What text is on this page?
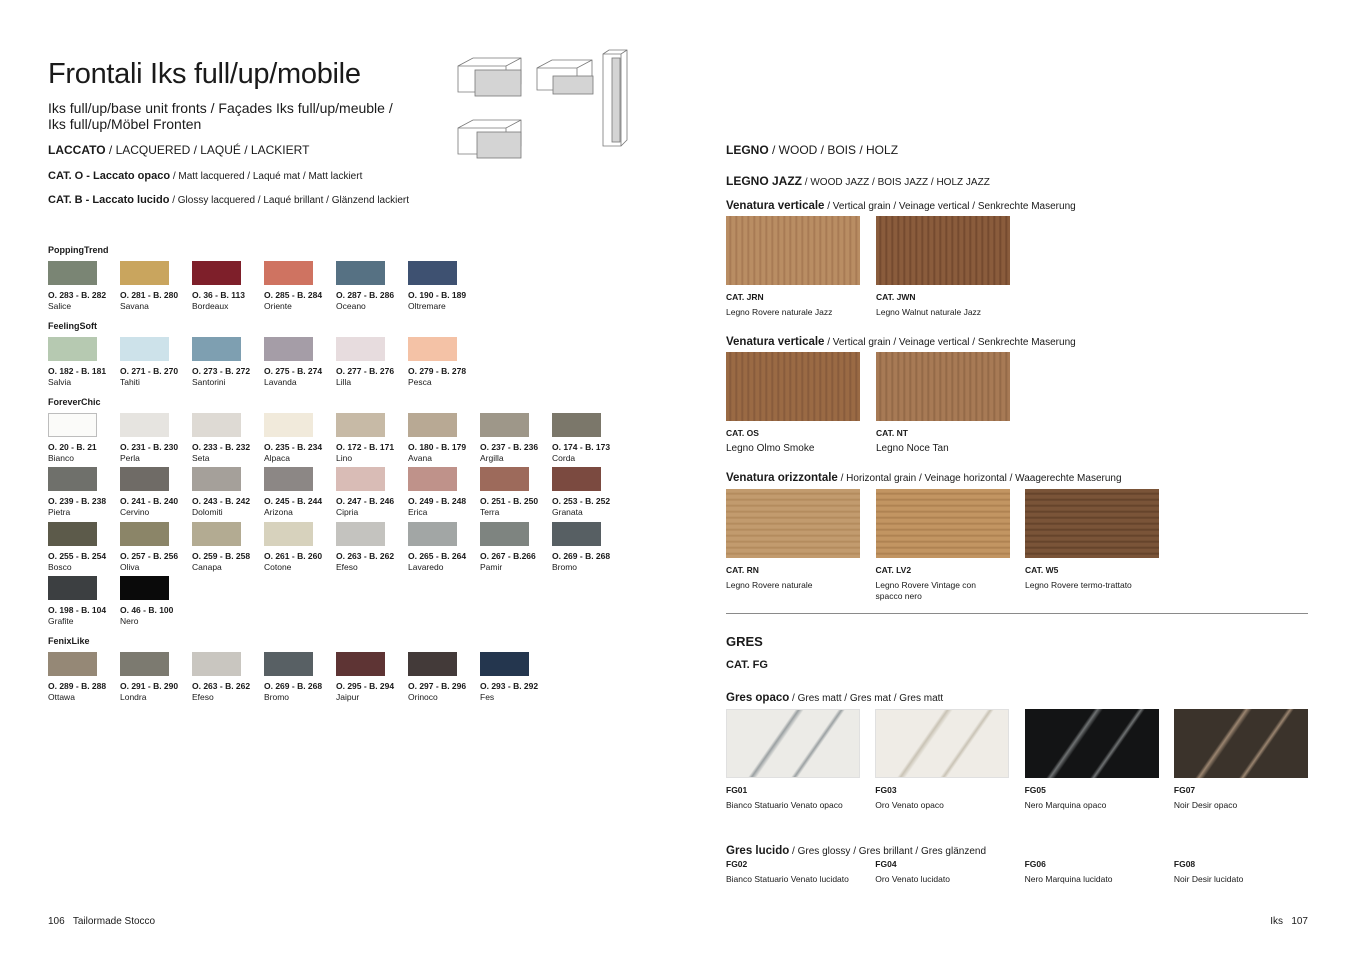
Frontali Iks full/up/mobile
Iks full/up/base unit fronts / Façades Iks full/up/meuble / Iks full/up/Möbel Fronten
LACCATO / LACQUERED / LAQUÉ / LACKIERT
CAT. O - Laccato opaco / Matt lacquered / Laqué mat / Matt lackiert
CAT. B - Laccato lucido / Glossy lacquered / Laqué brillant / Glänzend lackiert
PoppingTrend
O. 283 - B. 282
Salice
O. 281 - B. 280
Savana
O. 36 - B. 113
Bordeaux
O. 285 - B. 284
Oriente
O. 287 - B. 286
Oceano
O. 190 - B. 189
Oltremare
FeelingSoft
O. 182 - B. 181
Salvia
O. 271 - B. 270
Tahiti
O. 273 - B. 272
Santorini
O. 275 - B. 274
Lavanda
O. 277 - B. 276
Lilla
O. 279 - B. 278
Pesca
ForeverChic
O. 20 - B. 21
Bianco
O. 231 - B. 230
Perla
O. 233 - B. 232
Seta
O. 235 - B. 234
Alpaca
O. 172 - B. 171
Lino
O. 180 - B. 179
Avana
O. 237 - B. 236
Argilla
O. 174 - B. 173
Corda
O. 239 - B. 238
Pietra
O. 241 - B. 240
Cervino
O. 243 - B. 242
Dolomiti
O. 245 - B. 244
Arizona
O. 247 - B. 246
Cipria
O. 249 - B. 248
Erica
O. 251 - B. 250
Terra
O. 253 - B. 252
Granata
O. 255 - B. 254
Bosco
O. 257 - B. 256
Oliva
O. 259 - B. 258
Canapa
O. 261 - B. 260
Cotone
O. 263 - B. 262
Efeso
O. 265 - B. 264
Lavaredo
O. 267 - B.266
Pamir
O. 269 - B. 268
Bromo
O. 198 - B. 104
Grafite
O. 46 - B. 100
Nero
FenixLike
O. 289 - B. 288
Ottawa
O. 291 - B. 290
Londra
O. 263 - B. 262
Efeso
O. 269 - B. 268
Bromo
O. 295 - B. 294
Jaipur
O. 297 - B. 296
Orinoco
O. 293 - B. 292
Fes
LEGNO / WOOD / BOIS / HOLZ
LEGNO JAZZ / WOOD JAZZ / BOIS JAZZ / HOLZ JAZZ
Venatura verticale / Vertical grain / Veinage vertical / Senkrechte Maserung
CAT. JRN
Legno Rovere naturale Jazz
CAT. JWN
Legno Walnut naturale Jazz
Venatura verticale / Vertical grain / Veinage vertical / Senkrechte Maserung
CAT. OS
Legno Olmo Smoke
CAT. NT
Legno Noce Tan
Venatura orizzontale / Horizontal grain / Veinage horizontal / Waagerechte Maserung
CAT. RN
Legno Rovere naturale
CAT. LV2
Legno Rovere Vintage con spacco nero
CAT. W5
Legno Rovere termo-trattato
GRES
CAT. FG
Gres opaco / Gres matt / Gres mat / Gres matt
FG01
Bianco Statuario Venato opaco
FG03
Oro Venato opaco
FG05
Nero Marquina opaco
FG07
Noir Desir opaco
Gres lucido / Gres glossy / Gres brillant / Gres glänzend
FG02
Bianco Statuario Venato lucidato
FG04
Oro Venato lucidato
FG06
Nero Marquina lucidato
FG08
Noir Desir lucidato
106 Tailormade Stocco	Iks 107
